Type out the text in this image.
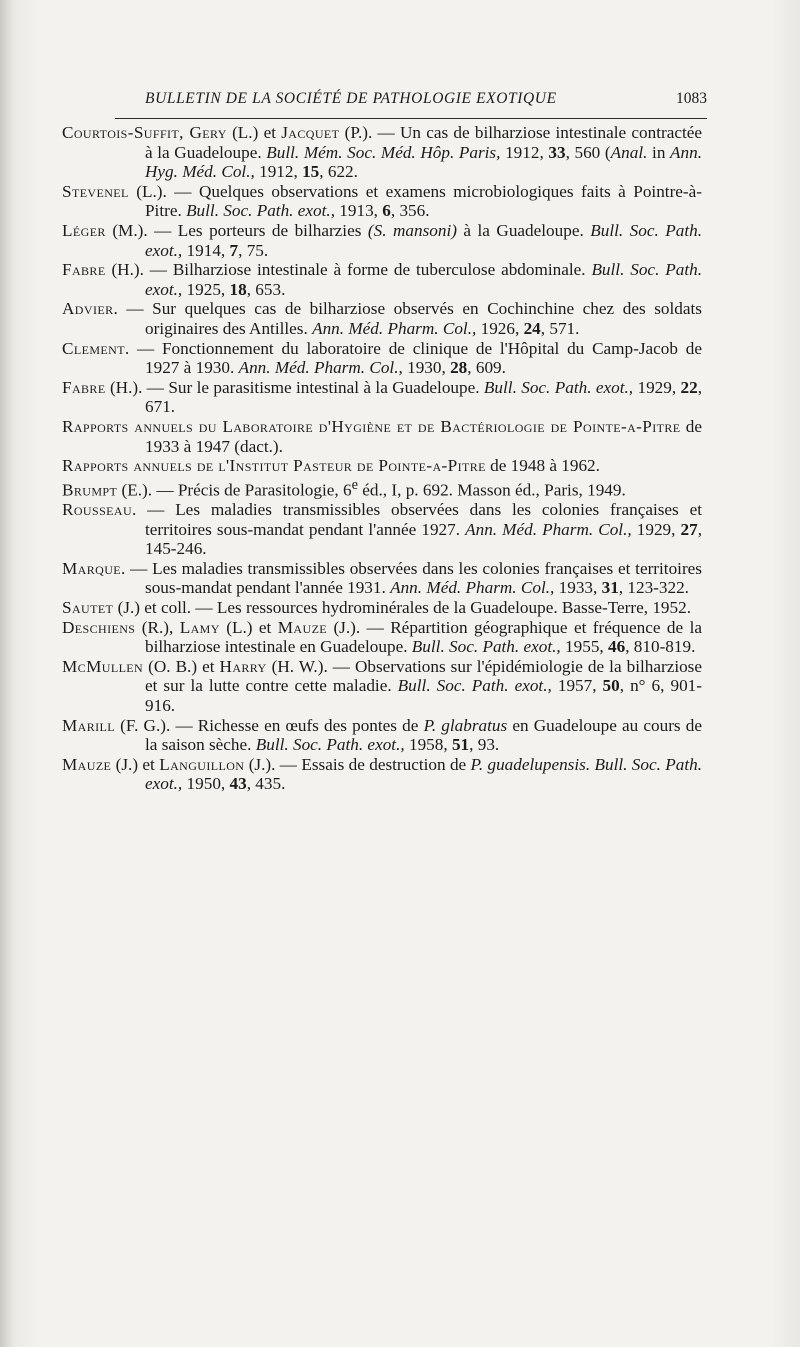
BULLETIN DE LA SOCIÉTÉ DE PATHOLOGIE EXOTIQUE	1083

Courtois-Suffit, Gery (L.) et Jacquet (P.). — Un cas de bilharziose intestinale contractée à la Guadeloupe. Bull. Mém. Soc. Méd. Hôp. Paris, 1912, 33, 560 (Anal. in Ann. Hyg. Méd. Col., 1912, 15, 622.

Stevenel (L.). — Quelques observations et examens microbiologiques faits à Pointre-à-Pitre. Bull. Soc. Path. exot., 1913, 6, 356.

Léger (M.). — Les porteurs de bilharzies (S. mansoni) à la Guadeloupe. Bull. Soc. Path. exot., 1914, 7, 75.

Fabre (H.). — Bilharziose intestinale à forme de tuberculose abdominale. Bull. Soc. Path. exot., 1925, 18, 653.

Advier. — Sur quelques cas de bilharziose observés en Cochinchine chez des soldats originaires des Antilles. Ann. Méd. Pharm. Col., 1926, 24, 571.

Clement. — Fonctionnement du laboratoire de clinique de l'Hôpital du Camp-Jacob de 1927 à 1930. Ann. Méd. Pharm. Col., 1930, 28, 609.

Fabre (H.). — Sur le parasitisme intestinal à la Guadeloupe. Bull. Soc. Path. exot., 1929, 22, 671.

Rapports annuels du Laboratoire d'Hygiène et de Bactériologie de Pointe-a-Pitre de 1933 à 1947 (dact.).

Rapports annuels de l'Institut Pasteur de Pointe-a-Pitre de 1948 à 1962.

Brumpt (E.). — Précis de Parasitologie, 6e éd., I, p. 692. Masson éd., Paris, 1949.

Rousseau. — Les maladies transmissibles observées dans les colonies françaises et territoires sous-mandat pendant l'année 1927. Ann. Méd. Pharm. Col., 1929, 27, 145-246.

Marque. — Les maladies transmissibles observées dans les colonies françaises et territoires sous-mandat pendant l'année 1931. Ann. Méd. Pharm. Col., 1933, 31, 123-322.

Sautet (J.) et coll. — Les ressources hydrominérales de la Guadeloupe. Basse-Terre, 1952.

Deschiens (R.), Lamy (L.) et Mauze (J.). — Répartition géographique et fréquence de la bilharziose intestinale en Guadeloupe. Bull. Soc. Path. exot., 1955, 46, 810-819.

McMullen (O. B.) et Harry (H. W.). — Observations sur l'épidémiologie de la bilharziose et sur la lutte contre cette maladie. Bull. Soc. Path. exot., 1957, 50, n° 6, 901-916.

Marill (F. G.). — Richesse en œufs des pontes de P. glabratus en Guadeloupe au cours de la saison sèche. Bull. Soc. Path. exot., 1958, 51, 93.

Mauze (J.) et Languillon (J.). — Essais de destruction de P. guadelupensis. Bull. Soc. Path. exot., 1950, 43, 435.
